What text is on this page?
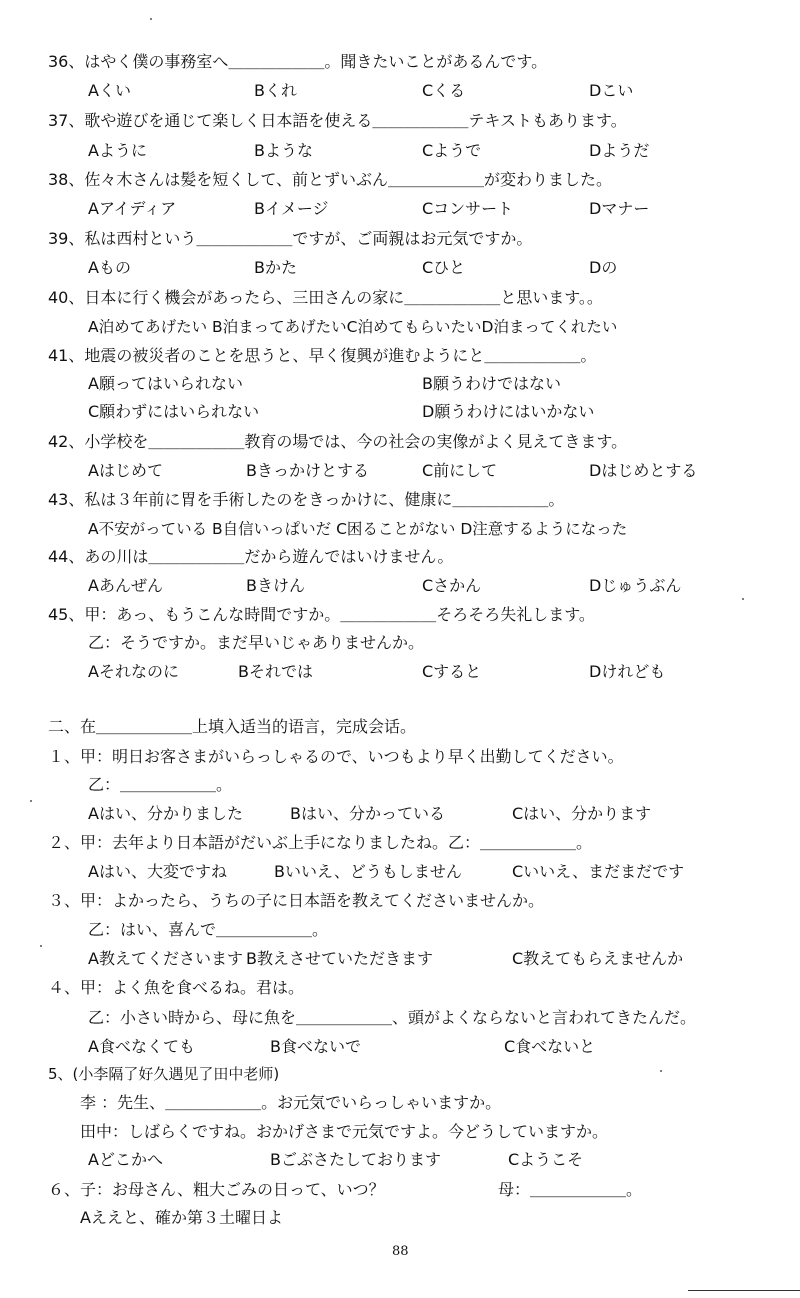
36、はやく僕の事務室へ＿＿＿＿＿＿。聞きたいことがあるんです。
Aくい	Bくれ	Cくる	Dこい
37、歌や遊びを通じて楽しく日本語を使える＿＿＿＿＿＿テキストもあります。
Aように	Bような	Cようで	Dようだ
38、佐々木さんは髪を短くして、前とずいぶん＿＿＿＿＿＿が変わりました。
Aアイディア	Bイメージ	Cコンサート	Dマナー
39、私は西村という＿＿＿＿＿＿ですが、ご両親はお元気ですか。
Aもの	Bかた	Cひと	Dの
40、日本に行く機会があったら、三田さんの家に＿＿＿＿＿＿と思います。。
A泊めてあげたい B泊まってあげたいC泊めてもらいたいD泊まってくれたい
41、地震の被災者のことを思うと、早く復興が進むようにと＿＿＿＿＿＿。
A願ってはいられない	B願うわけではない
C願わずにはいられない	D願うわけにはいかない
42、小学校を＿＿＿＿＿＿教育の場では、今の社会の実像がよく見えてきます。
Aはじめて	Bきっかけとする	C前にして	Dはじめとする
43、私は３年前に胃を手術したのをきっかけに、健康に＿＿＿＿＿＿。
A不安がっている B自信いっぱいだ C困ることがない D注意するようになった
44、あの川は＿＿＿＿＿＿だから遊んではいけません。
Aあんぜん	Bきけん	Cさかん	Dじゅうぶん
45、甲：あっ、もうこんな時間ですか。＿＿＿＿＿＿そろそろ失礼します。
乙：そうですか。まだ早いじゃありませんか。
Aそれなのに	Bそれでは	Cすると	Dけれども
二、在＿＿＿＿＿＿上填入适当的语言，完成会话。
１、甲：明日お客さまがいらっしゃるので、いつもより早く出勤してください。
乙：＿＿＿＿＿＿。
Aはい、分かりました	Bはい、分かっている	Cはい、分かります
２、甲：去年より日本語がだいぶ上手になりましたね。乙：＿＿＿＿＿＿。
Aはい、大変ですね	Bいいえ、どうもしません	Cいいえ、まだまだです
３、甲：よかったら、うちの子に日本語を教えてくださいませんか。
乙：はい、喜んで＿＿＿＿＿＿。
A教えてくださいます B教えさせていただきます	C教えてもらえませんか
４、甲：よく魚を食べるね。君は。
乙：小さい時から、母に魚を＿＿＿＿＿＿、頭がよくならないと言われてきたんだ。
A食べなくても	B食べないで	C食べないと
5、(小李隔了好久遇见了田中老师)
李 ：先生、＿＿＿＿＿＿。お元気でいらっしゃいますか。
田中：しばらくですね。おかげさまで元気ですよ。今どうしていますか。
Aどこかへ	Bごぶさたしております	Cようこそ
６、子：お母さん、粗大ごみの日って、いつ？	母：＿＿＿＿＿＿。
Aええと、確か第３土曜日よ
88
